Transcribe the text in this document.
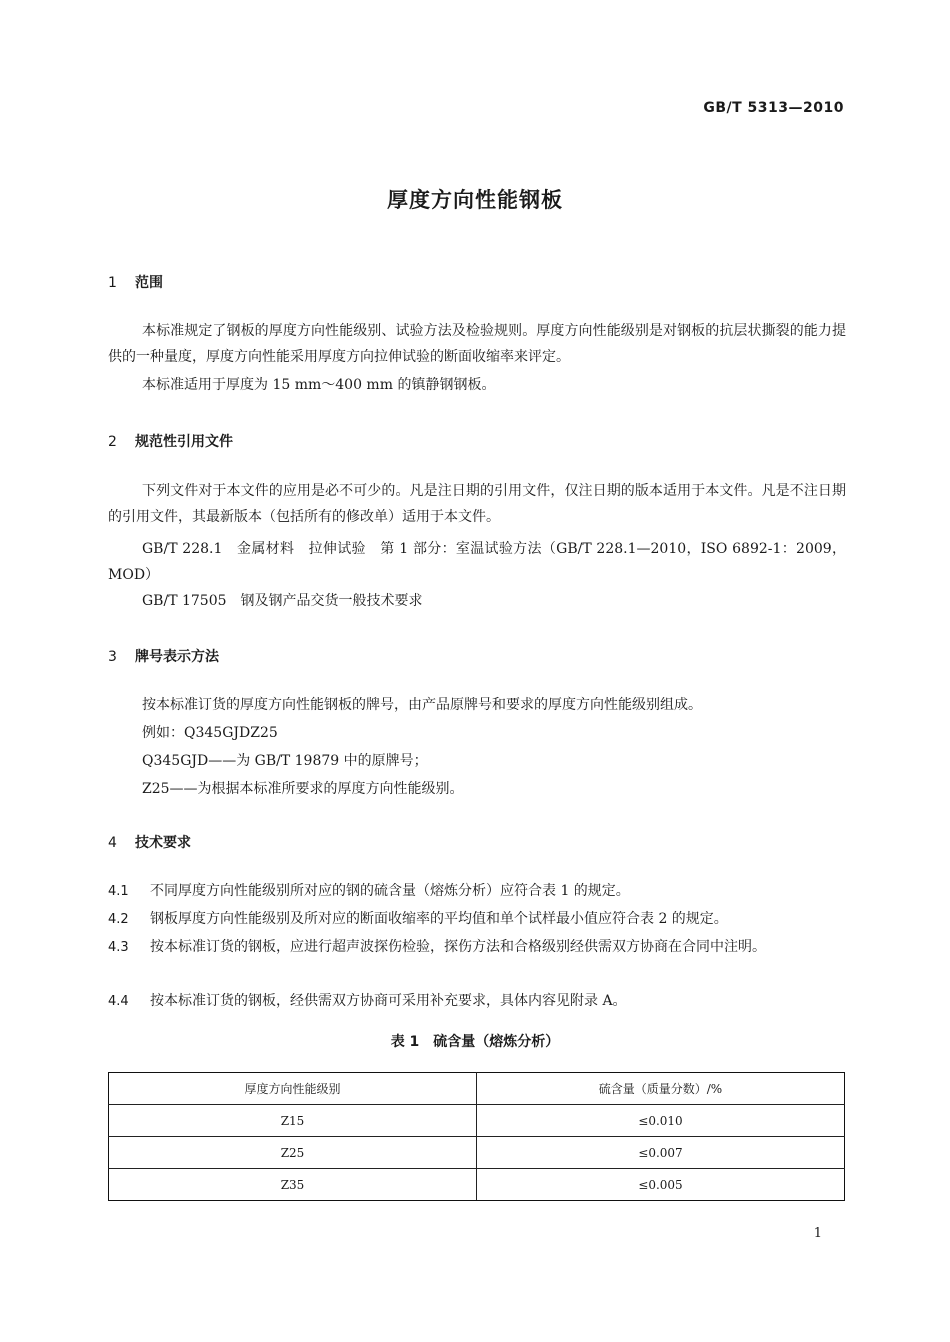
GB/T 5313—2010
厚度方向性能钢板
1 范围
本标准规定了钢板的厚度方向性能级别、试验方法及检验规则。厚度方向性能级别是对钢板的抗层状撕裂的能力提供的一种量度，厚度方向性能采用厚度方向拉伸试验的断面收缩率来评定。
本标准适用于厚度为 15 mm～400 mm 的镇静钢钢板。
2 规范性引用文件
下列文件对于本文件的应用是必不可少的。凡是注日期的引用文件，仅注日期的版本适用于本文件。凡是不注日期的引用文件，其最新版本（包括所有的修改单）适用于本文件。
GB/T 228.1　金属材料　拉伸试验　第 1 部分：室温试验方法（GB/T 228.1—2010，ISO 6892-1：2009，MOD）
GB/T 17505　钢及钢产品交货一般技术要求
3 牌号表示方法
按本标准订货的厚度方向性能钢板的牌号，由产品原牌号和要求的厚度方向性能级别组成。
例如：Q345GJDZ25
Q345GJD——为 GB/T 19879 中的原牌号；
Z25——为根据本标准所要求的厚度方向性能级别。
4 技术要求
4.1 不同厚度方向性能级别所对应的钢的硫含量（熔炼分析）应符合表 1 的规定。
4.2 钢板厚度方向性能级别及所对应的断面收缩率的平均值和单个试样最小值应符合表 2 的规定。
4.3 按本标准订货的钢板，应进行超声波探伤检验，探伤方法和合格级别经供需双方协商在合同中注明。
4.4 按本标准订货的钢板，经供需双方协商可采用补充要求，具体内容见附录 A。
表 1　硫含量（熔炼分析）
厚度方向性能级别	硫含量（质量分数）/%
Z15	≤0.010
Z25	≤0.007
Z35	≤0.005
1
